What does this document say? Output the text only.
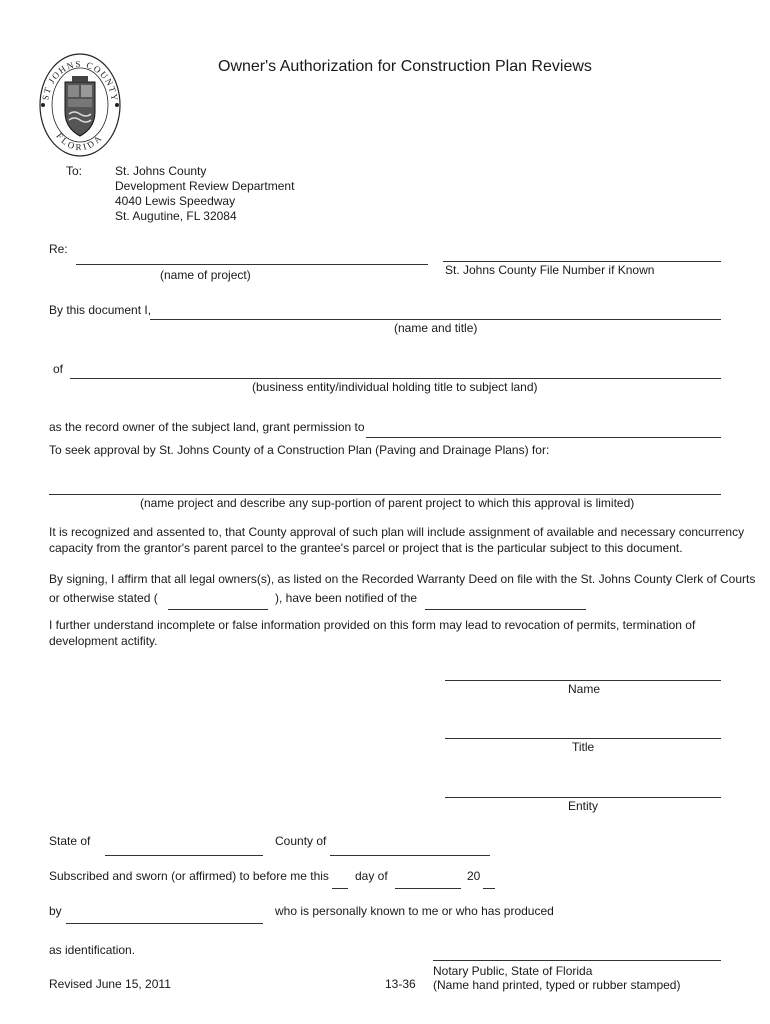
ST JOHNS COUNTY
FLORIDA
Owner's Authorization for Construction Plan Reviews
To:	St. Johns County
Development Review Department
4040 Lewis Speedway
St. Augutine, FL 32084
Re:
(name of project)	St. Johns County File Number if Known
By this document I,
(name and title)
of
(business entity/individual holding title to subject land)
as the record owner of the subject land, grant permission to
To seek approval by St. Johns County of a Construction Plan (Paving and Drainage Plans) for:
(name project and describe any sup-portion of parent project to which this approval is limited)
It is recognized and assented to, that County approval of such plan will include assignment of available and necessary concurrency
capacity from the grantor's parent parcel to the grantee's parcel or project that is the particular subject to this document.
By signing, I affirm that all legal owners(s), as listed on the Recorded Warranty Deed on file with the St. Johns County Clerk of Courts
or otherwise stated (	), have been notified of the
I further understand incomplete or false information provided on this form may lead to revocation of permits, termination of
development actifity.
Name
Title
Entity
State of	County of
Subscribed and sworn (or affirmed) to before me this day of	20
by	who is personally known to me or who has produced
as identification.
Notary Public, State of Florida
(Name hand printed, typed or rubber stamped)
Revised June 15, 2011	13-36
